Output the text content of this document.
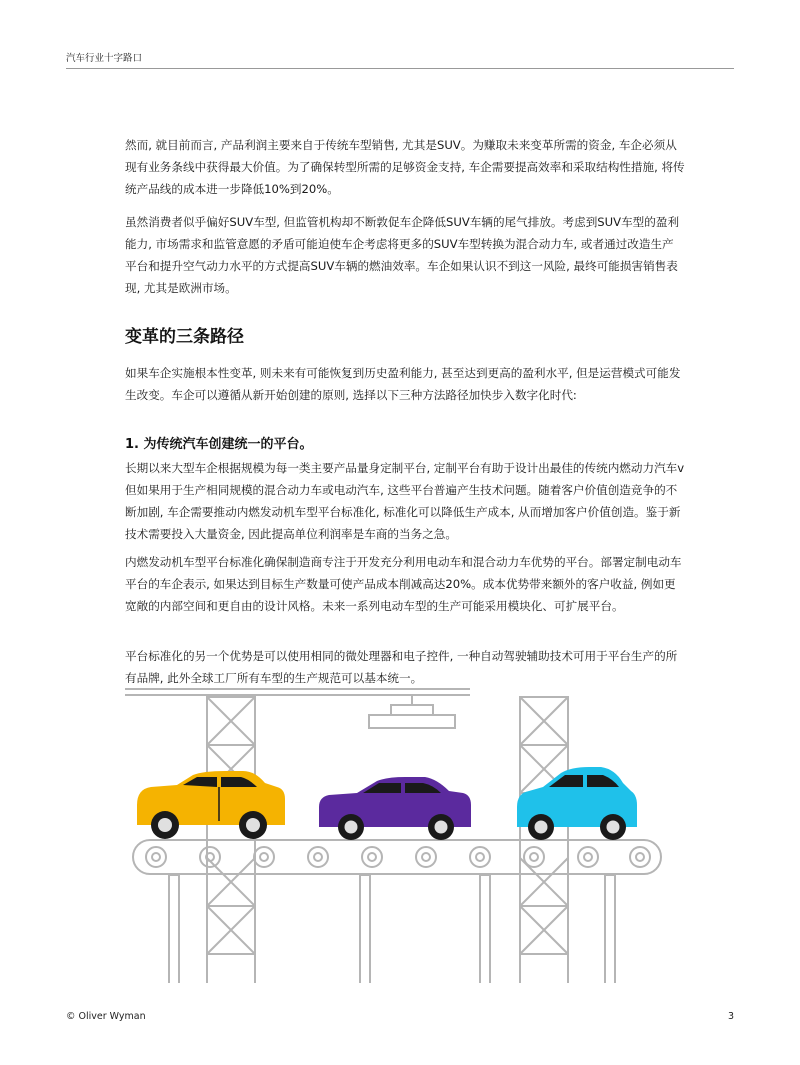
汽车行业十字路口

然而, 就目前而言, 产品利润主要来自于传统车型销售, 尤其是SUV。为赚取未来变革所需的资金, 车企必须从现有业务条线中获得最大价值。为了确保转型所需的足够资金支持, 车企需要提高效率和采取结构性措施, 将传统产品线的成本进一步降低10%到20%。

虽然消费者似乎偏好SUV车型, 但监管机构却不断敦促车企降低SUV车辆的尾气排放。考虑到SUV车型的盈利能力, 市场需求和监管意愿的矛盾可能迫使车企考虑将更多的SUV车型转换为混合动力车, 或者通过改造生产平台和提升空气动力水平的方式提高SUV车辆的燃油效率。车企如果认识不到这一风险, 最终可能损害销售表现, 尤其是欧洲市场。

变革的三条路径

如果车企实施根本性变革, 则未来有可能恢复到历史盈利能力, 甚至达到更高的盈利水平, 但是运营模式可能发生改变。车企可以遵循从新开始创建的原则, 选择以下三种方法路径加快步入数字化时代:

1. 为传统汽车创建统一的平台。

长期以来大型车企根据规模为每一类主要产品量身定制平台, 定制平台有助于设计出最佳的传统内燃动力汽车v但如果用于生产相同规模的混合动力车或电动汽车, 这些平台普遍产生技术问题。随着客户价值创造竞争的不断加剧, 车企需要推动内燃发动机车型平台标准化, 标准化可以降低生产成本, 从而增加客户价值创造。鉴于新技术需要投入大量资金, 因此提高单位利润率是车商的当务之急。

内燃发动机车型平台标准化确保制造商专注于开发充分利用电动车和混合动力车优势的平台。部署定制电动车平台的车企表示, 如果达到目标生产数量可使产品成本削减高达20%。成本优势带来额外的客户收益, 例如更宽敞的内部空间和更自由的设计风格。未来一系列电动车型的生产可能采用模块化、可扩展平台。

平台标准化的另一个优势是可以使用相同的微处理器和电子控件, 一种自动驾驶辅助技术可用于平台生产的所有品牌, 此外全球工厂所有车型的生产规范可以基本统一。

© Oliver Wyman	3
